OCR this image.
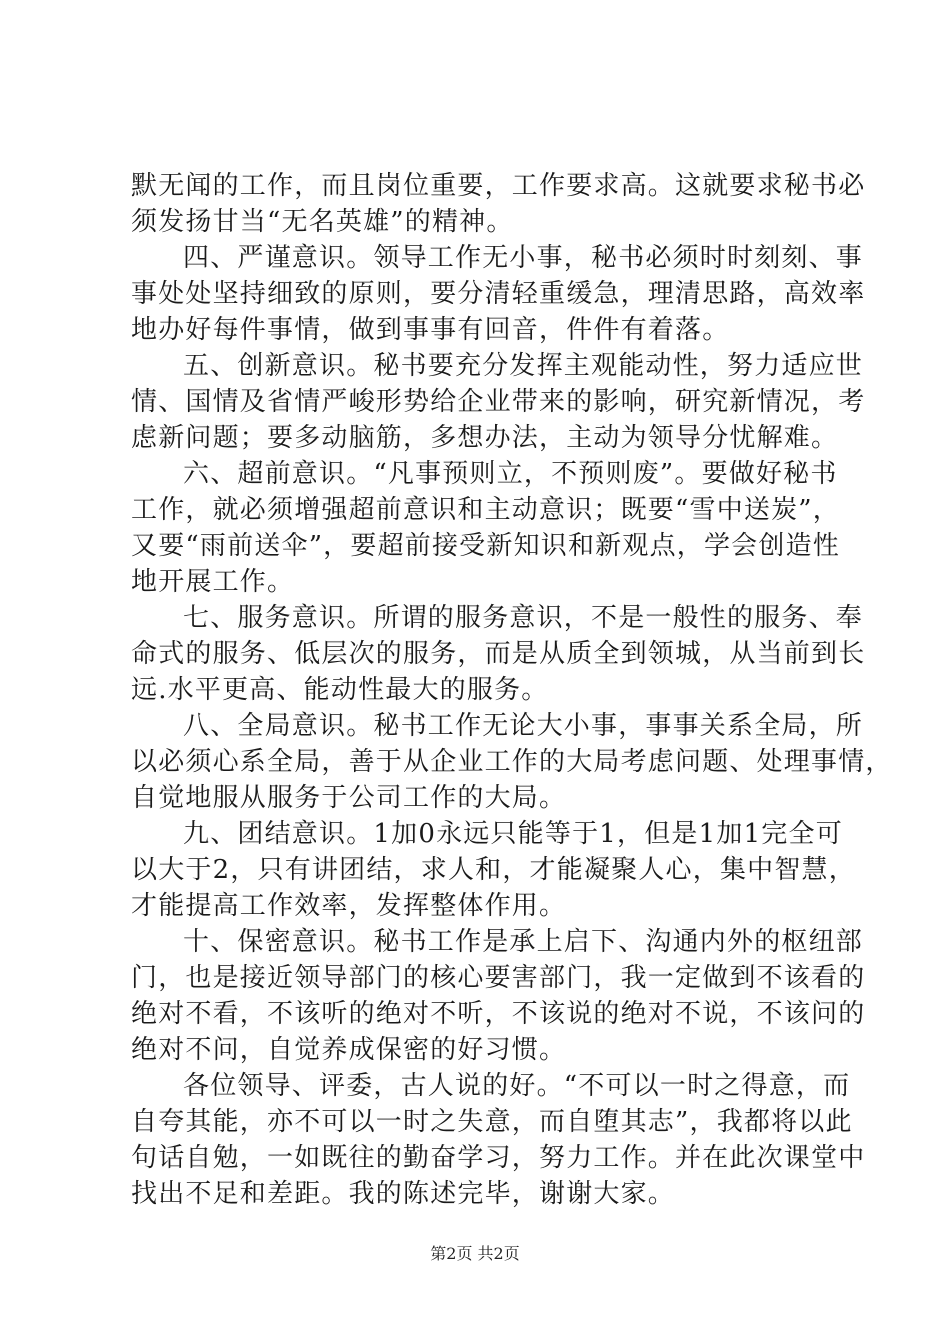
默无闻的工作，而且岗位重要，工作要求高。这就要求秘书必
须发扬甘当“无名英雄”的精神。
四、严谨意识。领导工作无小事，秘书必须时时刻刻、事
事处处坚持细致的原则，要分清轻重缓急，理清思路，高效率
地办好每件事情，做到事事有回音，件件有着落。
五、创新意识。秘书要充分发挥主观能动性，努力适应世
情、国情及省情严峻形势给企业带来的影响，研究新情况，考
虑新问题；要多动脑筋，多想办法，主动为领导分忧解难。
六、超前意识。“凡事预则立，不预则废”。要做好秘书
工作，就必须增强超前意识和主动意识；既要“雪中送炭”，
又要“雨前送伞”，要超前接受新知识和新观点，学会创造性
地开展工作。
七、服务意识。所谓的服务意识，不是一般性的服务、奉
命式的服务、低层次的服务，而是从质全到领城，从当前到长
远.水平更高、能动性最大的服务。
八、全局意识。秘书工作无论大小事，事事关系全局，所
以必须心系全局，善于从企业工作的大局考虑问题、处理事情，
自觉地服从服务于公司工作的大局。
九、团结意识。1加0永远只能等于1，但是1加1完全可
以大于2，只有讲团结，求人和，才能凝聚人心，集中智慧，
才能提高工作效率，发挥整体作用。
十、保密意识。秘书工作是承上启下、沟通内外的枢纽部
门，也是接近领导部门的核心要害部门，我一定做到不该看的
绝对不看，不该听的绝对不听，不该说的绝对不说，不该问的
绝对不问，自觉养成保密的好习惯。
各位领导、评委，古人说的好。“不可以一时之得意，而
自夸其能，亦不可以一时之失意，而自堕其志”，我都将以此
句话自勉，一如既往的勤奋学习，努力工作。并在此次课堂中
找出不足和差距。我的陈述完毕，谢谢大家。
第2页 共2页
